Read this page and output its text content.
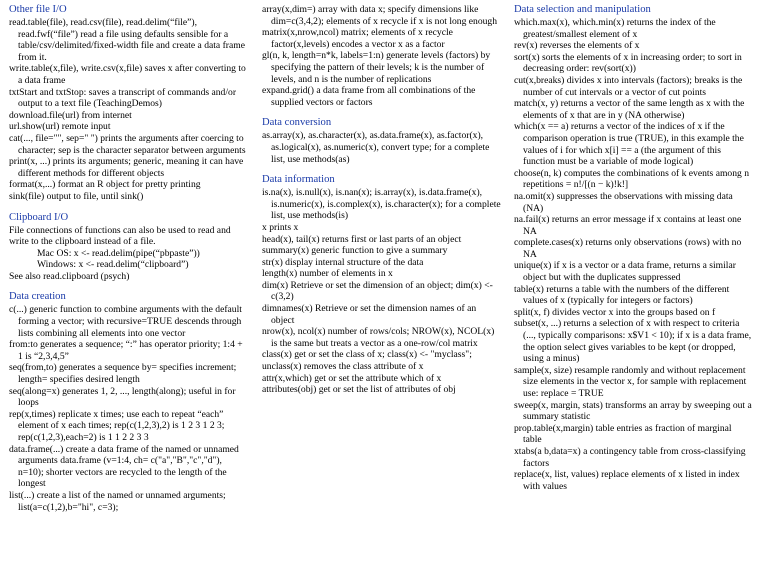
Other file I/O

read.table(file), read.csv(file), read.delim(“file”), read.fwf(“file”) read a file using defaults sensible for a table/csv/delimited/fixed-width file and create a data frame from it.

write.table(x,file), write.csv(x,file) saves x after converting to a data frame

txtStart and txtStop: saves a transcript of commands and/or output to a text file (TeachingDemos)

download.file(url) from internet

url.show(url) remote input

cat(..., file="", sep=" ") prints the arguments after coercing to character; sep is the character separator between arguments

print(x, ...) prints its arguments; generic, meaning it can have different methods for different objects

format(x,...) format an R object for pretty printing

sink(file) output to file, until sink()

Clipboard I/O

File connections of functions can also be used to read and write to the clipboard instead of a file.

Mac OS: x <- read.delim(pipe(“pbpaste”))

Windows: x <- read.delim(“clipboard”)

See also read.clipboard (psych)

Data creation

c(...) generic function to combine arguments with the default forming a vector; with recursive=TRUE descends through lists combining all elements into one vector

from:to generates a sequence; “:” has operator priority; 1:4 + 1 is “2,3,4,5”

seq(from,to) generates a sequence by= specifies increment; length= specifies desired length

seq(along=x) generates 1, 2, ..., length(along); useful in for loops

rep(x,times) replicate x times; use each to repeat “each” element of x each times; rep(c(1,2,3),2) is 1 2 3 1 2 3; rep(c(1,2,3),each=2) is 1 1 2 2 3 3

data.frame(...) create a data frame of the named or unnamed arguments data.frame (v=1:4, ch= c("a","B","c","d"), n=10); shorter vectors are recycled to the length of the longest

list(...) create a list of the named or unnamed arguments; list(a=c(1,2),b="hi", c=3);

array(x,dim=) array with data x; specify dimensions like dim=c(3,4,2); elements of x recycle if x is not long enough

matrix(x,nrow,ncol) matrix; elements of x recycle

factor(x,levels) encodes a vector x as a factor

gl(n, k, length=n*k, labels=1:n) generate levels (factors) by specifying the pattern of their levels; k is the number of levels, and n is the number of replications

expand.grid() a data frame from all combinations of the supplied vectors or factors

Data conversion

as.array(x), as.character(x), as.data.frame(x), as.factor(x), as.logical(x), as.numeric(x), convert type; for a complete list, use methods(as)

Data information

is.na(x), is.null(x), is.nan(x); is.array(x), is.data.frame(x), is.numeric(x), is.complex(x), is.character(x); for a complete list, use methods(is)

x prints x

head(x), tail(x) returns first or last parts of an object

summary(x) generic function to give a summary

str(x) display internal structure of the data

length(x) number of elements in x

dim(x) Retrieve or set the dimension of an object; dim(x) <- c(3,2)

dimnames(x) Retrieve or set the dimension names of an object

nrow(x), ncol(x) number of rows/cols; NROW(x), NCOL(x) is the same but treats a vector as a one-row/col matrix

class(x) get or set the class of x; class(x) <- "myclass";

unclass(x) removes the class attribute of x

attr(x,which) get or set the attribute which of x

attributes(obj) get or set the list of attributes of obj

Data selection and manipulation

which.max(x), which.min(x) returns the index of the greatest/smallest element of x

rev(x) reverses the elements of x

sort(x) sorts the elements of x in increasing order; to sort in decreasing order: rev(sort(x))

cut(x,breaks) divides x into intervals (factors); breaks is the number of cut intervals or a vector of cut points

match(x, y) returns a vector of the same length as x with the elements of x that are in y (NA otherwise)

which(x == a) returns a vector of the indices of x if the comparison operation is true (TRUE), in this example the values of i for which x[i] == a (the argument of this function must be a variable of mode logical)

choose(n, k) computes the combinations of k events among n repetitions = n!/[(n − k)!k!]

na.omit(x) suppresses the observations with missing data (NA)

na.fail(x) returns an error message if x contains at least one NA

complete.cases(x) returns only observations (rows) with no NA

unique(x) if x is a vector or a data frame, returns a similar object but with the duplicates suppressed

table(x) returns a table with the numbers of the different values of x (typically for integers or factors)

split(x, f) divides vector x into the groups based on f

subset(x, ...) returns a selection of x with respect to criteria (..., typically comparisons: x$V1 < 10); if x is a data frame, the option select gives variables to be kept (or dropped, using a minus)

sample(x, size) resample randomly and without replacement size elements in the vector x, for sample with replacement use: replace = TRUE

sweep(x, margin, stats) transforms an array by sweeping out a summary statistic

prop.table(x,margin) table entries as fraction of marginal table

xtabs(a b,data=x) a contingency table from cross-classifying factors

replace(x, list, values) replace elements of x listed in index with values
